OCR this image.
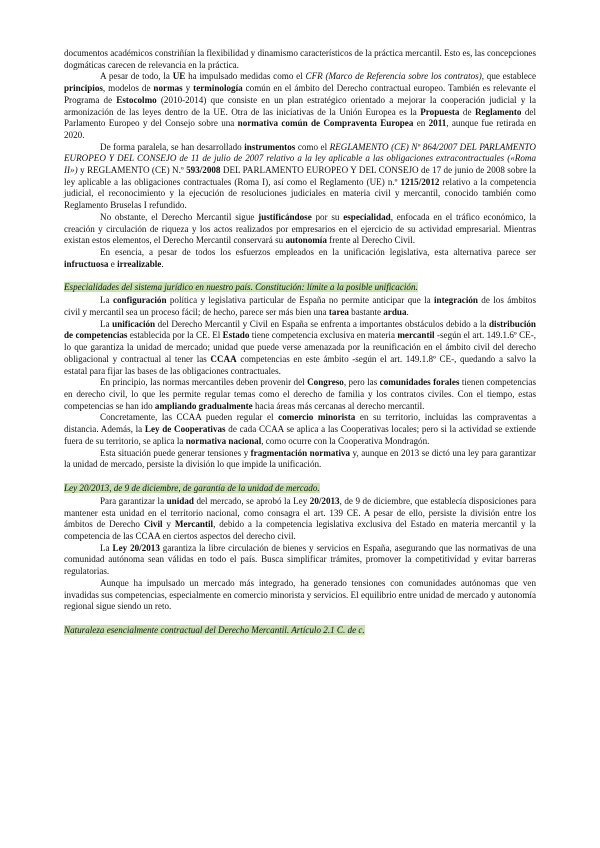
documentos académicos constriñían la flexibilidad y dinamismo característicos de la práctica mercantil. Esto es, las concepciones dogmáticas carecen de relevancia en la práctica.

A pesar de todo, la UE ha impulsado medidas como el CFR (Marco de Referencia sobre los contratos), que establece principios, modelos de normas y terminología común en el ámbito del Derecho contractual europeo. También es relevante el Programa de Estocolmo (2010-2014) que consiste en un plan estratégico orientado a mejorar la cooperación judicial y la armonización de las leyes dentro de la UE. Otra de las iniciativas de la Unión Europea es la Propuesta de Reglamento del Parlamento Europeo y del Consejo sobre una normativa común de Compraventa Europea en 2011, aunque fue retirada en 2020.

De forma paralela, se han desarrollado instrumentos como el REGLAMENTO (CE) Nº 864/2007 DEL PARLAMENTO EUROPEO Y DEL CONSEJO de 11 de julio de 2007 relativo a la ley aplicable a las obligaciones extracontractuales («Roma II») y REGLAMENTO (CE) N.º 593/2008 DEL PARLAMENTO EUROPEO Y DEL CONSEJO de 17 de junio de 2008 sobre la ley aplicable a las obligaciones contractuales (Roma I), así como el Reglamento (UE) n.º 1215/2012 relativo a la competencia judicial, el reconocimiento y la ejecución de resoluciones judiciales en materia civil y mercantil, conocido también como Reglamento Bruselas I refundido.

No obstante, el Derecho Mercantil sigue justificándose por su especialidad, enfocada en el tráfico económico, la creación y circulación de riqueza y los actos realizados por empresarios en el ejercicio de su actividad empresarial. Mientras existan estos elementos, el Derecho Mercantil conservará su autonomía frente al Derecho Civil.

En esencia, a pesar de todos los esfuerzos empleados en la unificación legislativa, esta alternativa parece ser infructuosa e irrealizable.

Especialidades del sistema jurídico en nuestro país. Constitución: límite a la posible unificación.

La configuración política y legislativa particular de España no permite anticipar que la integración de los ámbitos civil y mercantil sea un proceso fácil; de hecho, parece ser más bien una tarea bastante ardua.

La unificación del Derecho Mercantil y Civil en España se enfrenta a importantes obstáculos debido a la distribución de competencias establecida por la CE. El Estado tiene competencia exclusiva en materia mercantil -según el art. 149.1.6º CE-, lo que garantiza la unidad de mercado; unidad que puede verse amenazada por la reunificación en el ámbito civil del derecho obligacional y contractual al tener las CCAA competencias en este ámbito -según el art. 149.1.8º CE-, quedando a salvo la estatal para fijar las bases de las obligaciones contractuales.

En principio, las normas mercantiles deben provenir del Congreso, pero las comunidades forales tienen competencias en derecho civil, lo que les permite regular temas como el derecho de familia y los contratos civiles. Con el tiempo, estas competencias se han ido ampliando gradualmente hacia áreas más cercanas al derecho mercantil.

Concretamente, las CCAA pueden regular el comercio minorista en su territorio, incluidas las compraventas a distancia. Además, la Ley de Cooperativas de cada CCAA se aplica a las Cooperativas locales; pero si la actividad se extiende fuera de su territorio, se aplica la normativa nacional, como ocurre con la Cooperativa Mondragón.

Esta situación puede generar tensiones y fragmentación normativa y, aunque en 2013 se dictó una ley para garantizar la unidad de mercado, persiste la división lo que impide la unificación.

Ley 20/2013, de 9 de diciembre, de garantía de la unidad de mercado.

Para garantizar la unidad del mercado, se aprobó la Ley 20/2013, de 9 de diciembre, que establecía disposiciones para mantener esta unidad en el territorio nacional, como consagra el art. 139 CE. A pesar de ello, persiste la división entre los ámbitos de Derecho Civil y Mercantil, debido a la competencia legislativa exclusiva del Estado en materia mercantil y la competencia de las CCAA en ciertos aspectos del derecho civil.

La Ley 20/2013 garantiza la libre circulación de bienes y servicios en España, asegurando que las normativas de una comunidad autónoma sean válidas en todo el país. Busca simplificar trámites, promover la competitividad y evitar barreras regulatorias.

Aunque ha impulsado un mercado más integrado, ha generado tensiones con comunidades autónomas que ven invadidas sus competencias, especialmente en comercio minorista y servicios. El equilibrio entre unidad de mercado y autonomía regional sigue siendo un reto.

Naturaleza esencialmente contractual del Derecho Mercantil. Artículo 2.1 C. de c.
